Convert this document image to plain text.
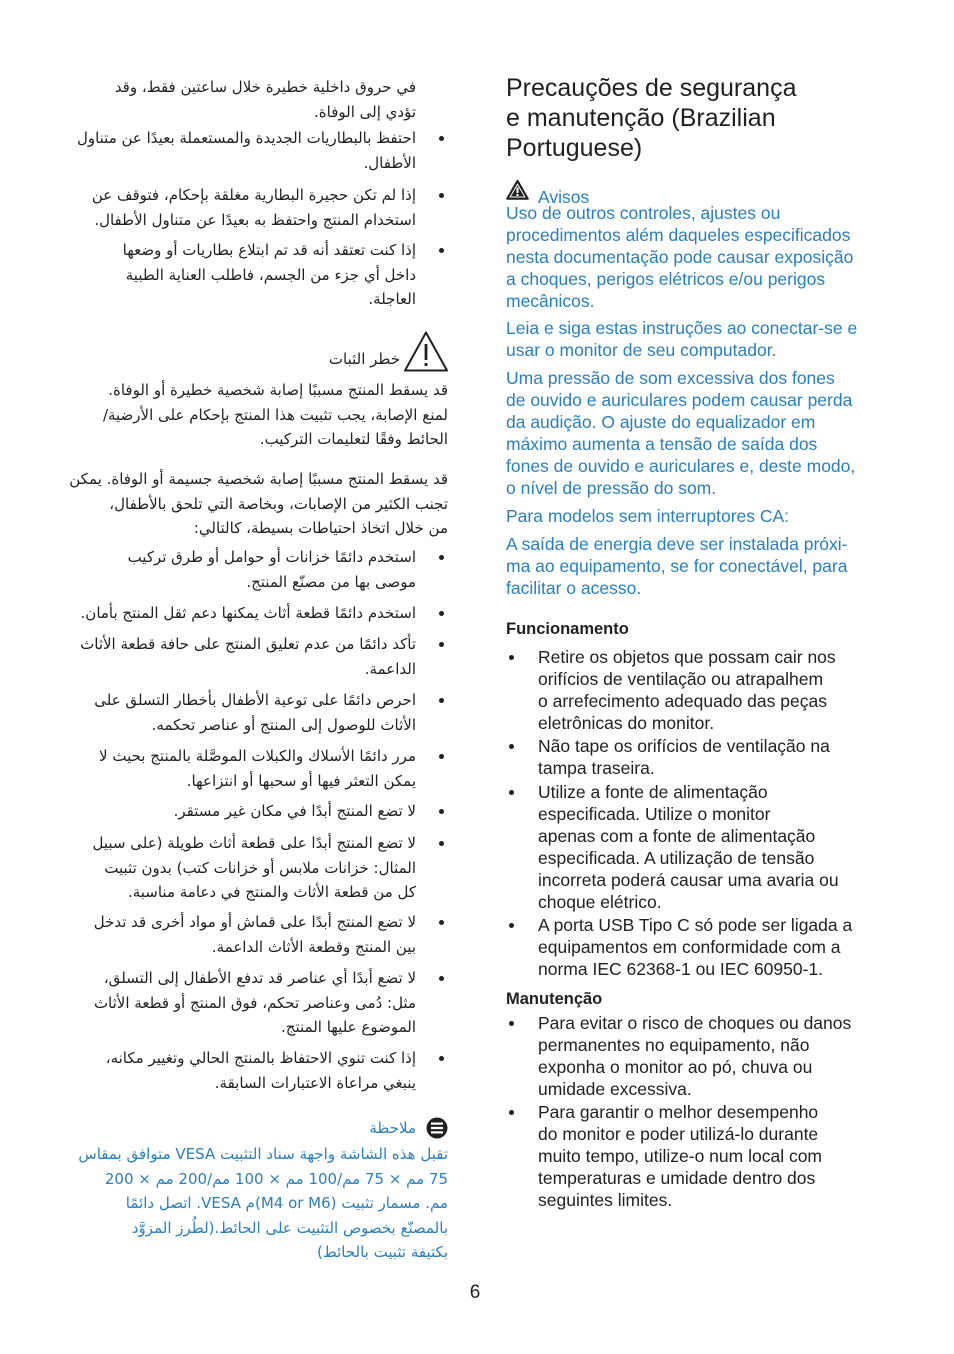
في حروق داخلية خطيرة خلال ساعتين فقط، وقد
تؤدي إلى الوفاة.
احتفظ بالبطاريات الجديدة والمستعملة بعيدًا عن متناول
الأطفال.
إذا لم تكن حجيرة البطارية مغلقة بإحكام، فتوقف عن
استخدام المنتج واحتفظ به بعيدًا عن متناول الأطفال.
إذا كنت تعتقد أنه قد تم ابتلاع بطاريات أو وضعها
داخل أي جزء من الجسم، فاطلب العناية الطبية
العاجلة.
خطر الثبات
قد يسقط المنتج مسببًا إصابة شخصية خطيرة أو الوفاة.
لمنع الإصابة، يجب تثبيت هذا المنتج بإحكام على الأرضية/
الحائط وفقًا لتعليمات التركيب.
قد يسقط المنتج مسببًا إصابة شخصية جسيمة أو الوفاة. يمكن
تجنب الكثير من الإصابات، وبخاصة التي تلحق بالأطفال،
من خلال اتخاذ احتياطات بسيطة، كالتالي:
استخدم دائمًا خزانات أو حوامل أو طرق تركيب
موصى بها من مصنّع المنتج.
استخدم دائمًا قطعة أثاث يمكنها دعم ثقل المنتج بأمان.
تأكد دائمًا من عدم تعليق المنتج على حافة قطعة الأثاث
الداعمة.
احرص دائمًا على توعية الأطفال بأخطار التسلق على
الأثاث للوصول إلى المنتج أو عناصر تحكمه.
مرر دائمًا الأسلاك والكبلات الموصَّلة بالمنتج بحيث لا
يمكن التعثر فيها أو سحبها أو انتزاعها.
لا تضع المنتج أبدًا في مكان غير مستقر.
لا تضع المنتج أبدًا على قطعة أثاث طويلة (على سبيل
المثال: خزانات ملابس أو خزانات كتب) بدون تثبيت
كل من قطعة الأثاث والمنتج في دعامة مناسبة.
لا تضع المنتج أبدًا على قماش أو مواد أخرى قد تدخل
بين المنتج وقطعة الأثاث الداعمة.
لا تضع أبدًا أي عناصر قد تدفع الأطفال إلى التسلق،
مثل: دُمى وعناصر تحكم، فوق المنتج أو قطعة الأثاث
الموضوع عليها المنتج.
إذا كنت تنوي الاحتفاظ بالمنتج الحالي وتغيير مكانه،
ينبغي مراعاة الاعتبارات السابقة.
ملاحظة
تقبل هذه الشاشة واجهة سناد التثبيت VESA متوافق بمقاس
75 مم × 75 مم/100 مم × 100 مم/200 مم × 200
مم. مسمار تثبيت (M4 or M6)م VESA. اتصل دائمًا
بالمصنّع بخصوص التثبيت على الحائط.(لطُرز المزوَّد
بكتيفة تثبيت بالحائط)
Precauções de segurança
e manutenção (Brazilian
Portuguese)
Avisos
Uso de outros controles, ajustes ou
procedimentos além daqueles especificados
nesta documentação pode causar exposição
a choques, perigos elétricos e/ou perigos
mecânicos.
Leia e siga estas instruções ao conectar-se e
usar o monitor de seu computador.
Uma pressão de som excessiva dos fones
de ouvido e auriculares podem causar perda
da audição. O ajuste do equalizador em
máximo aumenta a tensão de saída dos
fones de ouvido e auriculares e, deste modo,
o nível de pressão do som.
Para modelos sem interruptores CA:
A saída de energia deve ser instalada próxi-
ma ao equipamento, se for conectável, para
facilitar o acesso.
Funcionamento
Retire os objetos que possam cair nos
orifícios de ventilação ou atrapalhem
o arrefecimento adequado das peças
eletrônicas do monitor.
Não tape os orifícios de ventilação na
tampa traseira.
Utilize a fonte de alimentação
especificada. Utilize o monitor
apenas com a fonte de alimentação
especificada. A utilização de tensão
incorreta poderá causar uma avaria ou
choque elétrico.
A porta USB Tipo C só pode ser ligada a
equipamentos em conformidade com a
norma IEC 62368-1 ou IEC 60950-1.
Manutenção
Para evitar o risco de choques ou danos
permanentes no equipamento, não
exponha o monitor ao pó, chuva ou
umidade excessiva.
Para garantir o melhor desempenho
do monitor e poder utilizá-lo durante
muito tempo, utilize-o num local com
temperaturas e umidade dentro dos
seguintes limites.
6
